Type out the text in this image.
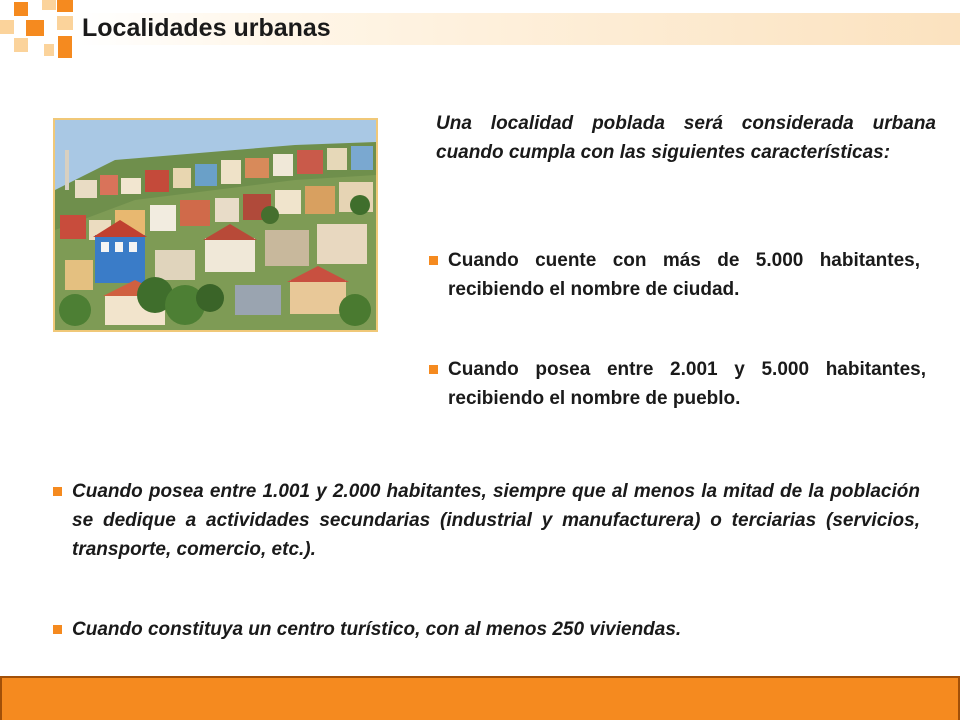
Localidades urbanas
Una localidad poblada será considerada urbana cuando cumpla con las siguientes características:
Cuando cuente con más de 5.000 habitantes, recibiendo el nombre de ciudad.
Cuando posea entre 2.001 y 5.000 habitantes, recibiendo el nombre de pueblo.
Cuando posea entre 1.001 y 2.000 habitantes, siempre que al menos la mitad de la población se dedique a actividades secundarias (industrial y manufacturera) o terciarias (servicios, transporte, comercio, etc.).
Cuando constituya un centro turístico, con al menos 250 viviendas.
